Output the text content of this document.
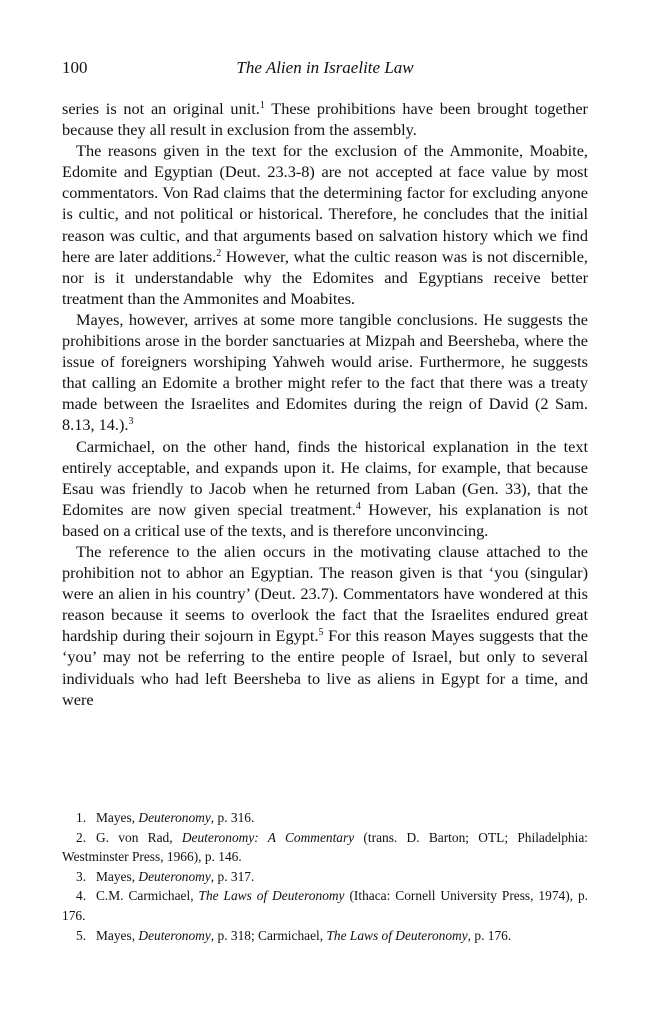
100	The Alien in Israelite Law

series is not an original unit.$^1$ These prohibitions have been brought together because they all result in exclusion from the assembly.

The reasons given in the text for the exclusion of the Ammonite, Moabite, Edomite and Egyptian (Deut. 23.3-8) are not accepted at face value by most commentators. Von Rad claims that the determining factor for excluding anyone is cultic, and not political or historical. Therefore, he concludes that the initial reason was cultic, and that arguments based on salvation history which we find here are later additions.$^2$ However, what the cultic reason was is not discernible, nor is it understandable why the Edomites and Egyptians receive better treatment than the Ammonites and Moabites.

Mayes, however, arrives at some more tangible conclusions. He suggests the prohibitions arose in the border sanctuaries at Mizpah and Beersheba, where the issue of foreigners worshiping Yahweh would arise. Furthermore, he suggests that calling an Edomite a brother might refer to the fact that there was a treaty made between the Israelites and Edomites during the reign of David (2 Sam. 8.13, 14.).$^3$

Carmichael, on the other hand, finds the historical explanation in the text entirely acceptable, and expands upon it. He claims, for example, that because Esau was friendly to Jacob when he returned from Laban (Gen. 33), that the Edomites are now given special treatment.$^4$ However, his explanation is not based on a critical use of the texts, and is therefore unconvincing.

The reference to the alien occurs in the motivating clause attached to the prohibition not to abhor an Egyptian. The reason given is that ‘you (singular) were an alien in his country’ (Deut. 23.7). Commentators have wondered at this reason because it seems to overlook the fact that the Israelites endured great hardship during their sojourn in Egypt.$^5$ For this reason Mayes suggests that the ‘you’ may not be referring to the entire people of Israel, but only to several individuals who had left Beersheba to live as aliens in Egypt for a time, and were

1. Mayes, Deuteronomy, p. 316.

2. G. von Rad, Deuteronomy: A Commentary (trans. D. Barton; OTL; Philadelphia: Westminster Press, 1966), p. 146.

3. Mayes, Deuteronomy, p. 317.

4. C.M. Carmichael, The Laws of Deuteronomy (Ithaca: Cornell University Press, 1974), p. 176.

5. Mayes, Deuteronomy, p. 318; Carmichael, The Laws of Deuteronomy, p. 176.
